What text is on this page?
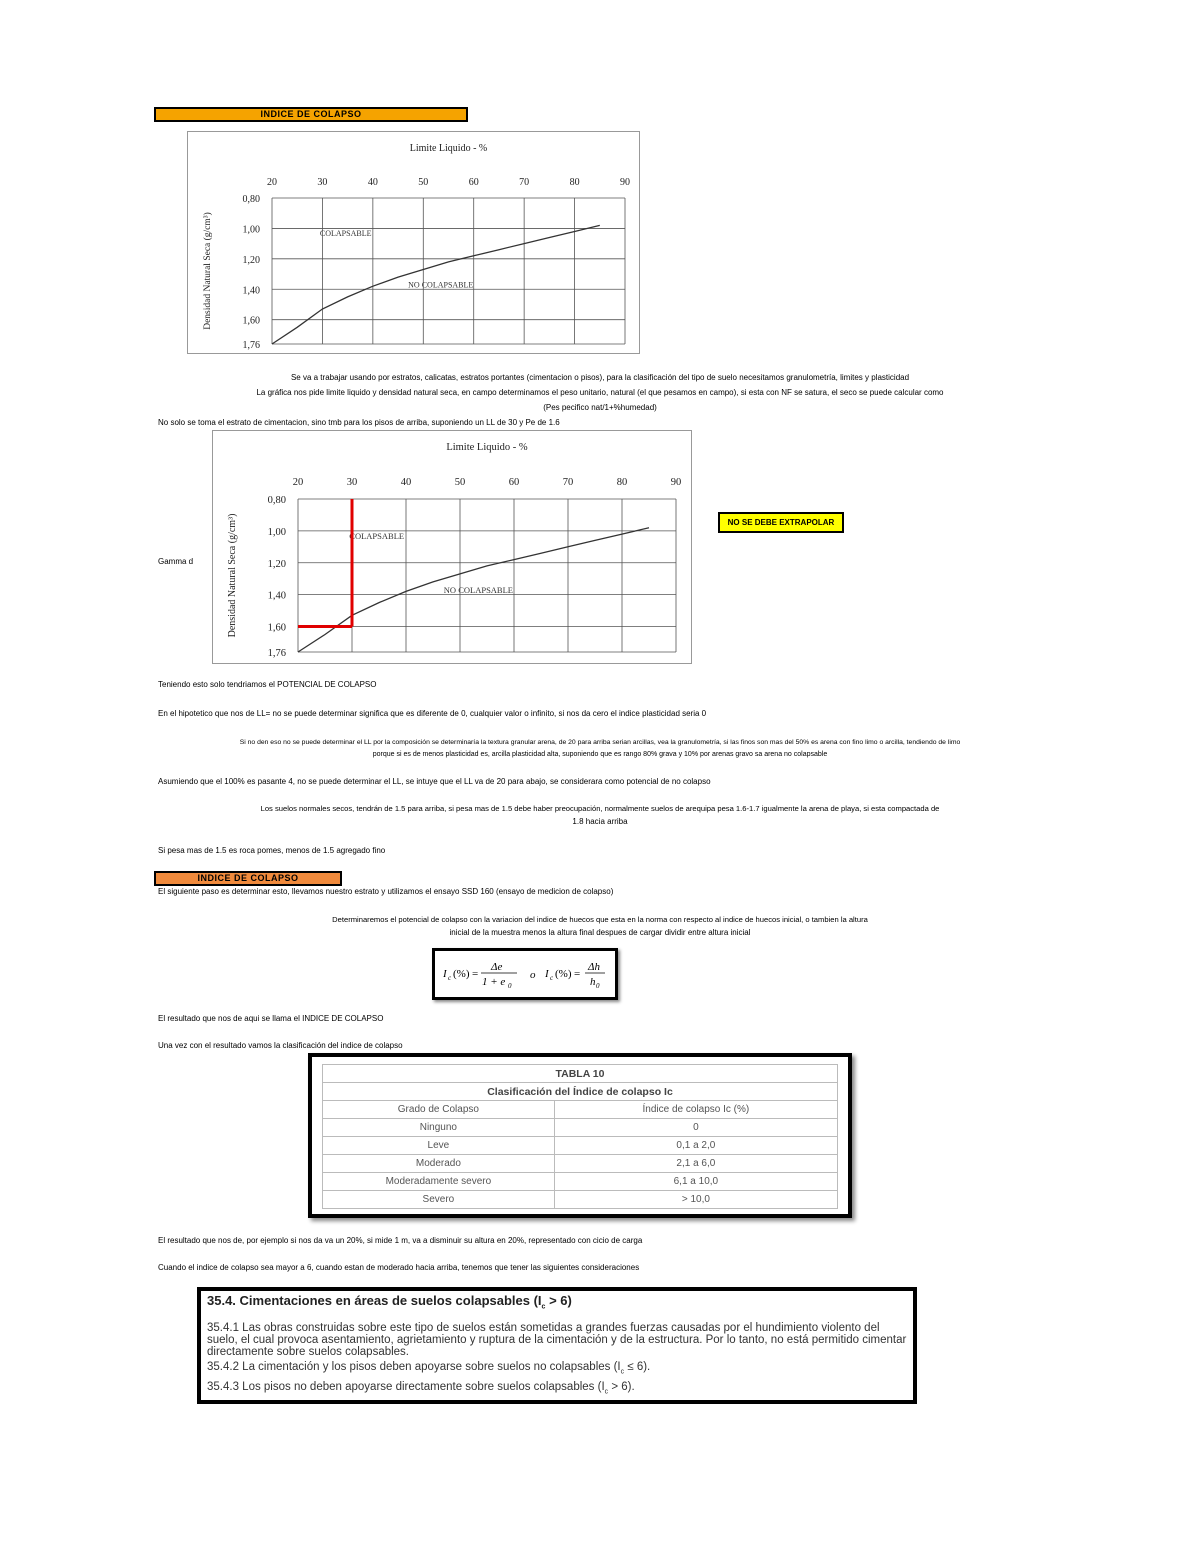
INDICE DE COLAPSO
Limite Liquido - %
20	30	40	50	60	70	80	90
0,80
1,00
1,20
1,40
1,60
1,76
Densidad Natural Seca (g/cm³)	COLAPSABLE
NO COLAPSABLE
Se va a trabajar usando por estratos, calicatas, estratos portantes (cimentacion o pisos), para la clasificación del tipo de suelo necesitamos granulometría, limites y plasticidad
La gráfica nos pide limite liquido y densidad natural seca, en campo determinamos el peso unitario, natural (el que pesamos en campo), si esta con NF se satura, el seco se puede calcular como
(Pes pecifico nat/1+%humedad)
No solo se toma el estrato de cimentacion, sino tmb para los pisos de arriba, suponiendo un LL de 30 y Pe de 1.6
Limite Liquido - %
20	30	40	50	60	70	80	90
0,80
1,00
1,20
1,40
1,60
1,76
Densidad Natural Seca (g/cm³)	COLAPSABLE
NO COLAPSABLE
Gamma d
NO SE DEBE EXTRAPOLAR
Teniendo esto solo tendriamos el POTENCIAL DE COLAPSO
En el hipotetico que nos de LL= no se puede determinar significa que es diferente de 0, cualquier valor o infinito, si nos da cero el indice plasticidad seria 0
Si no den eso no se puede determinar el LL por la composición se determinaría la textura granular arena, de 20 para arriba serian arcillas, vea la granulometría, si las finos son mas del 50% es arena con fino limo o arcilla, tendiendo de limo
porque si es de menos plasticidad es, arcilla plasticidad alta, suponiendo que es rango 80% grava y 10% por arenas gravo sa arena no colapsable
Asumiendo que el 100% es pasante 4, no se puede determinar el LL, se intuye que el LL va de 20 para abajo, se considerara como potencial de no colapso
Los suelos normales secos, tendrán de 1.5 para arriba, si pesa mas de 1.5 debe haber preocupación, normalmente suelos de arequipa pesa 1.6-1.7 igualmente la arena de playa, si esta compactada de
1.8 hacia arriba
Si pesa mas de 1.5 es roca pomes, menos de 1.5 agregado fino
INDICE DE COLAPSO
El siguiente paso es determinar esto, llevamos nuestro estrato y utilizamos el ensayo SSD 160 (ensayo de medicion de colapso)
Determinaremos el potencial de colapso con la variacion del indice de huecos que esta en la norma con respecto al indice de huecos inicial, o tambien la altura
inicial de la muestra menos la altura final despues de cargar dividir entre altura inicial
I c (%) =
Δe
1 + e 0
o I c (%) =
Δh
h 0
El resultado que nos de aqui se llama el INDICE DE COLAPSO
Una vez con el resultado vamos la clasificación del indice de colapso
TABLA 10	
Clasificación del Índice de colapso Ic	
Grado de Colapso	Índice de colapso Ic (%)
Ninguno	0
Leve	0,1 a 2,0
Moderado	2,1 a 6,0
Moderadamente severo	6,1 a 10,0
Severo	> 10,0
El resultado que nos de, por ejemplo si nos da va un 20%, si mide 1 m, va a disminuir su altura en 20%, representado con cicio de carga
Cuando el indice de colapso sea mayor a 6, cuando estan de moderado hacia arriba, tenemos que tener las siguientes consideraciones
35.4. Cimentaciones en áreas de suelos colapsables $(I_c > 6)$
35.4.1 Las obras construidas sobre este tipo de suelos están sometidas a grandes fuerzas causadas por el hundimiento violento del suelo, el cual provoca asentamiento, agrietamiento y ruptura de la cimentación y de la estructura. Por lo tanto, no está permitido cimentar directamente sobre suelos colapsables.
35.4.2 La cimentación y los pisos deben apoyarse sobre suelos no colapsables $(I_c \le 6)$.
35.4.3 Los pisos no deben apoyarse directamente sobre suelos colapsables $(I_c > 6)$.
